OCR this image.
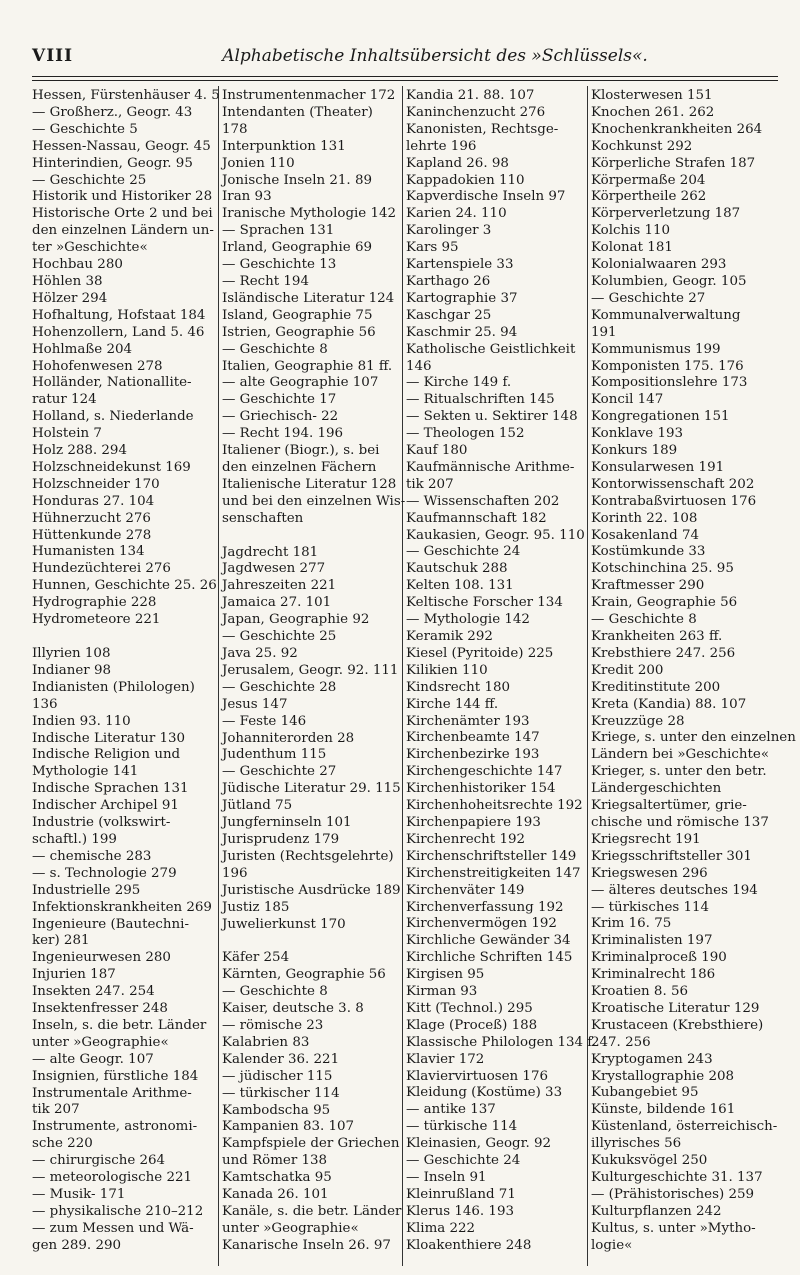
VIII	Alphabetische Inhaltsübersicht des »Schlüssels«.
Hessen, Fürstenhäuser 4. 5
— Großherz., Geogr. 43
— Geschichte 5
Hessen-Nassau, Geogr. 45
Hinterindien, Geogr. 95
— Geschichte 25
Historik und Historiker 28
Historische Orte 2 und bei
den einzelnen Ländern un-
ter »Geschichte«
Hochbau 280
Höhlen 38
Hölzer 294
Hofhaltung, Hofstaat 184
Hohenzollern, Land 5. 46
Hohlmaße 204
Hohofenwesen 278
Holländer, Nationallite-
ratur 124
Holland, s. Niederlande
Holstein 7
Holz 288. 294
Holzschneidekunst 169
Holzschneider 170
Honduras 27. 104
Hühnerzucht 276
Hüttenkunde 278
Humanisten 134
Hundezüchterei 276
Hunnen, Geschichte 25. 26
Hydrographie 228
Hydrometeore 221
Illyrien 108
Indianer 98
Indianisten (Philologen)
136
Indien 93. 110
Indische Literatur 130
Indische Religion und
Mythologie 141
Indische Sprachen 131
Indischer Archipel 91
Industrie (volkswirt-
schaftl.) 199
— chemische 283
— s. Technologie 279
Industrielle 295
Infektionskrankheiten 269
Ingenieure (Bautechni-
ker) 281
Ingenieurwesen 280
Injurien 187
Insekten 247. 254
Insektenfresser 248
Inseln, s. die betr. Länder
unter »Geographie«
— alte Geogr. 107
Insignien, fürstliche 184
Instrumentale Arithme-
tik 207
Instrumente, astronomi-
sche 220
— chirurgische 264
— meteorologische 221
— Musik- 171
— physikalische 210–212
— zum Messen und Wä-
gen 289. 290
Instrumentenmacher 172
Intendanten (Theater)
178
Interpunktion 131
Jonien 110
Jonische Inseln 21. 89
Iran 93
Iranische Mythologie 142
— Sprachen 131
Irland, Geographie 69
— Geschichte 13
— Recht 194
Isländische Literatur 124
Island, Geographie 75
Istrien, Geographie 56
— Geschichte 8
Italien, Geographie 81 ff.
— alte Geographie 107
— Geschichte 17
— Griechisch- 22
— Recht 194. 196
Italiener (Biogr.), s. bei
den einzelnen Fächern
Italienische Literatur 128
und bei den einzelnen Wis-
senschaften
Jagdrecht 181
Jagdwesen 277
Jahreszeiten 221
Jamaica 27. 101
Japan, Geographie 92
— Geschichte 25
Java 25. 92
Jerusalem, Geogr. 92. 111
— Geschichte 28
Jesus 147
— Feste 146
Johanniterorden 28
Judenthum 115
— Geschichte 27
Jüdische Literatur 29. 115
Jütland 75
Jungferninseln 101
Jurisprudenz 179
Juristen (Rechtsgelehrte)
196
Juristische Ausdrücke 189
Justiz 185
Juwelierkunst 170
Käfer 254
Kärnten, Geographie 56
— Geschichte 8
Kaiser, deutsche 3. 8
— römische 23
Kalabrien 83
Kalender 36. 221
— jüdischer 115
— türkischer 114
Kambodscha 95
Kampanien 83. 107
Kampfspiele der Griechen
und Römer 138
Kamtschatka 95
Kanada 26. 101
Kanäle, s. die betr. Länder
unter »Geographie«
Kanarische Inseln 26. 97
Kandia 21. 88. 107
Kaninchenzucht 276
Kanonisten, Rechtsge-
lehrte 196
Kapland 26. 98
Kappadokien 110
Kapverdische Inseln 97
Karien 24. 110
Karolinger 3
Kars 95
Kartenspiele 33
Karthago 26
Kartographie 37
Kaschgar 25
Kaschmir 25. 94
Katholische Geistlichkeit
146
— Kirche 149 f.
— Ritualschriften 145
— Sekten u. Sektirer 148
— Theologen 152
Kauf 180
Kaufmännische Arithme-
tik 207
— Wissenschaften 202
Kaufmannschaft 182
Kaukasien, Geogr. 95. 110
— Geschichte 24
Kautschuk 288
Kelten 108. 131
Keltische Forscher 134
— Mythologie 142
Keramik 292
Kiesel (Pyritoide) 225
Kilikien 110
Kindsrecht 180
Kirche 144 ff.
Kirchenämter 193
Kirchenbeamte 147
Kirchenbezirke 193
Kirchengeschichte 147
Kirchenhistoriker 154
Kirchenhoheitsrechte 192
Kirchenpapiere 193
Kirchenrecht 192
Kirchenschriftsteller 149
Kirchenstreitigkeiten 147
Kirchenväter 149
Kirchenverfassung 192
Kirchenvermögen 192
Kirchliche Gewänder 34
Kirchliche Schriften 145
Kirgisen 95
Kirman 93
Kitt (Technol.) 295
Klage (Proceß) 188
Klassische Philologen 134 f.
Klavier 172
Klaviervirtuosen 176
Kleidung (Kostüme) 33
— antike 137
— türkische 114
Kleinasien, Geogr. 92
— Geschichte 24
— Inseln 91
Kleinrußland 71
Klerus 146. 193
Klima 222
Kloakenthiere 248
Klosterwesen 151
Knochen 261. 262
Knochenkrankheiten 264
Kochkunst 292
Körperliche Strafen 187
Körpermaße 204
Körpertheile 262
Körperverletzung 187
Kolchis 110
Kolonat 181
Kolonialwaaren 293
Kolumbien, Geogr. 105
— Geschichte 27
Kommunalverwaltung
191
Kommunismus 199
Komponisten 175. 176
Kompositionslehre 173
Koncil 147
Kongregationen 151
Konklave 193
Konkurs 189
Konsularwesen 191
Kontorwissenschaft 202
Kontrabaßvirtuosen 176
Korinth 22. 108
Kosakenland 74
Kostümkunde 33
Kotschinchina 25. 95
Kraftmesser 290
Krain, Geographie 56
— Geschichte 8
Krankheiten 263 ff.
Krebsthiere 247. 256
Kredit 200
Kreditinstitute 200
Kreta (Kandia) 88. 107
Kreuzzüge 28
Kriege, s. unter den einzelnen
Ländern bei »Geschichte«
Krieger, s. unter den betr.
Ländergeschichten
Kriegsaltertümer, grie-
chische und römische 137
Kriegsrecht 191
Kriegsschriftsteller 301
Kriegswesen 296
— älteres deutsches 194
— türkisches 114
Krim 16. 75
Kriminalisten 197
Kriminalproceß 190
Kriminalrecht 186
Kroatien 8. 56
Kroatische Literatur 129
Krustaceen (Krebsthiere)
247. 256
Kryptogamen 243
Krystallographie 208
Kubangebiet 95
Künste, bildende 161
Küstenland, österreichisch-
illyrisches 56
Kukuksvögel 250
Kulturgeschichte 31. 137
— (Prähistorisches) 259
Kulturpflanzen 242
Kultus, s. unter »Mytho-
logie«
